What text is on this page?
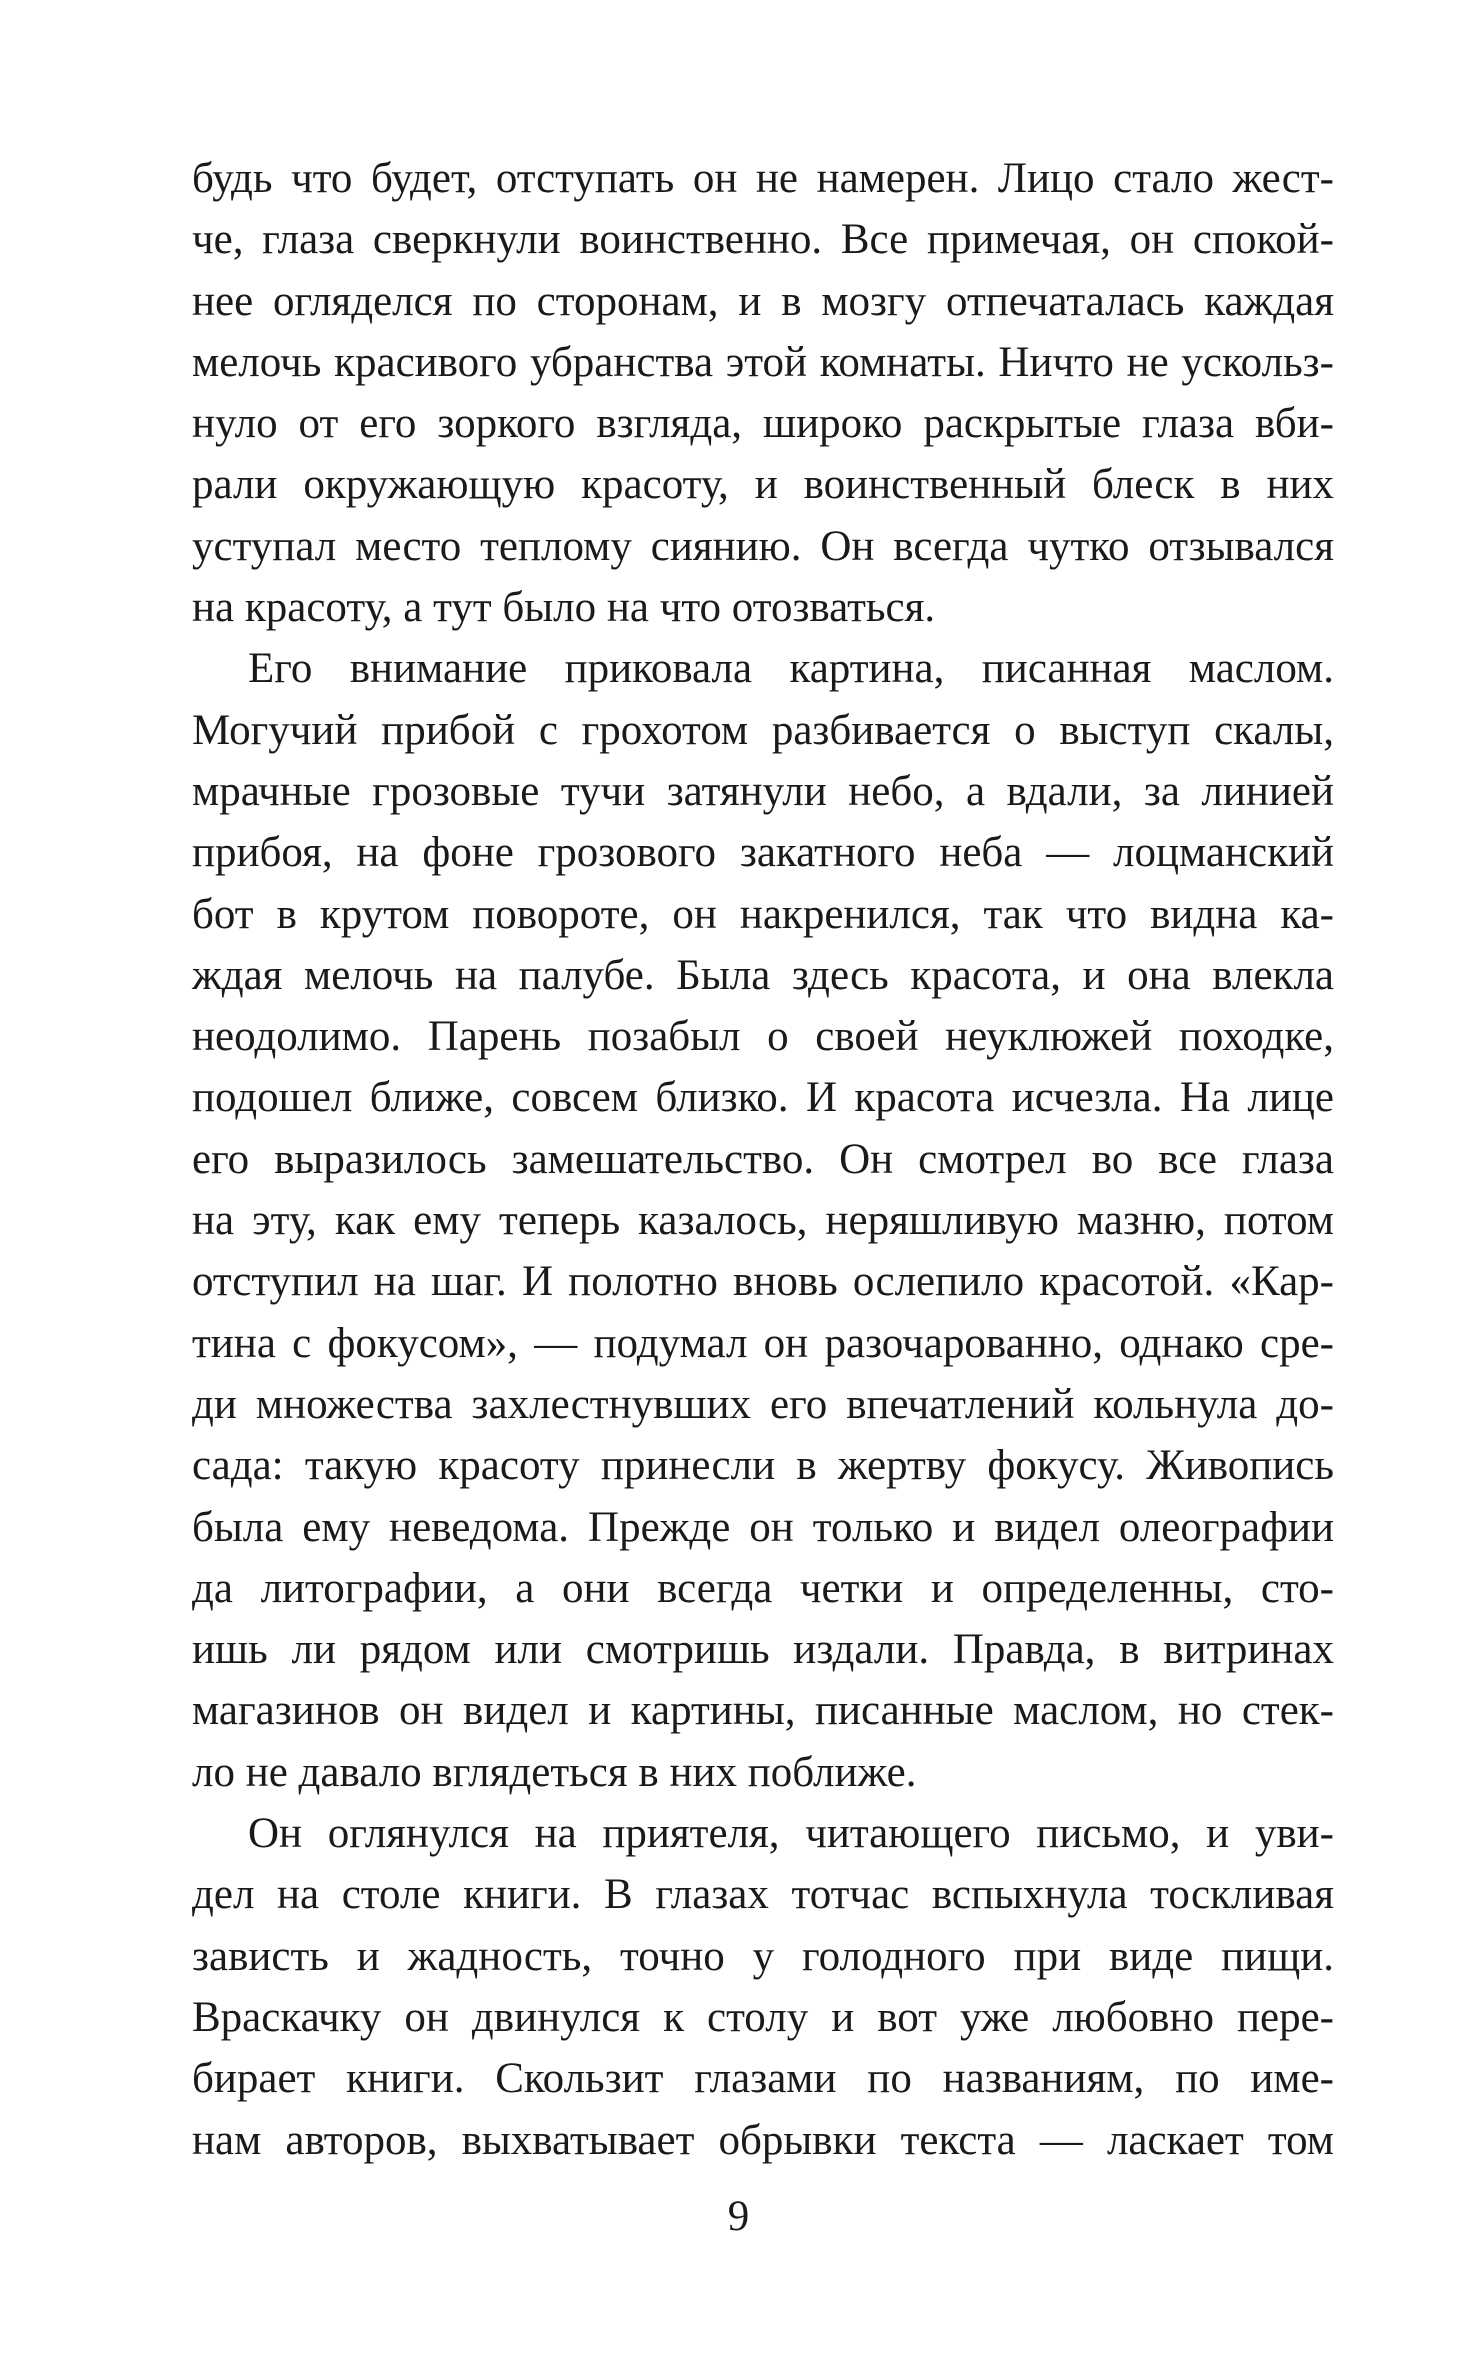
будь что будет, отступать он не намерен. Лицо стало жест-
че, глаза сверкнули воинственно. Все примечая, он спокой-
нее огляделся по сторонам, и в мозгу отпечаталась каждая
мелочь красивого убранства этой комнаты. Ничто не ускольз-
нуло от его зоркого взгляда, широко раскрытые глаза вби-
рали окружающую красоту, и воинственный блеск в них
уступал место теплому сиянию. Он всегда чутко отзывался
на красоту, а тут было на что отозваться.
Его внимание приковала картина, писанная маслом.
Могучий прибой с грохотом разбивается о выступ скалы,
мрачные грозовые тучи затянули небо, а вдали, за линией
прибоя, на фоне грозового закатного неба — лоцманский
бот в крутом повороте, он накренился, так что видна ка-
ждая мелочь на палубе. Была здесь красота, и она влекла
неодолимо. Парень позабыл о своей неуклюжей походке,
подошел ближе, совсем близко. И красота исчезла. На лице
его выразилось замешательство. Он смотрел во все глаза
на эту, как ему теперь казалось, неряшливую мазню, потом
отступил на шаг. И полотно вновь ослепило красотой. «Кар-
тина с фокусом», — подумал он разочарованно, однако сре-
ди множества захлестнувших его впечатлений кольнула до-
сада: такую красоту принесли в жертву фокусу. Живопись
была ему неведома. Прежде он только и видел олеографии
да литографии, а они всегда четки и определенны, сто-
ишь ли рядом или смотришь издали. Правда, в витринах
магазинов он видел и картины, писанные маслом, но стек-
ло не давало вглядеться в них поближе.
Он оглянулся на приятеля, читающего письмо, и уви-
дел на столе книги. В глазах тотчас вспыхнула тоскливая
зависть и жадность, точно у голодного при виде пищи.
Враскачку он двинулся к столу и вот уже любовно пере-
бирает книги. Скользит глазами по названиям, по име-
нам авторов, выхватывает обрывки текста — ласкает том
9
